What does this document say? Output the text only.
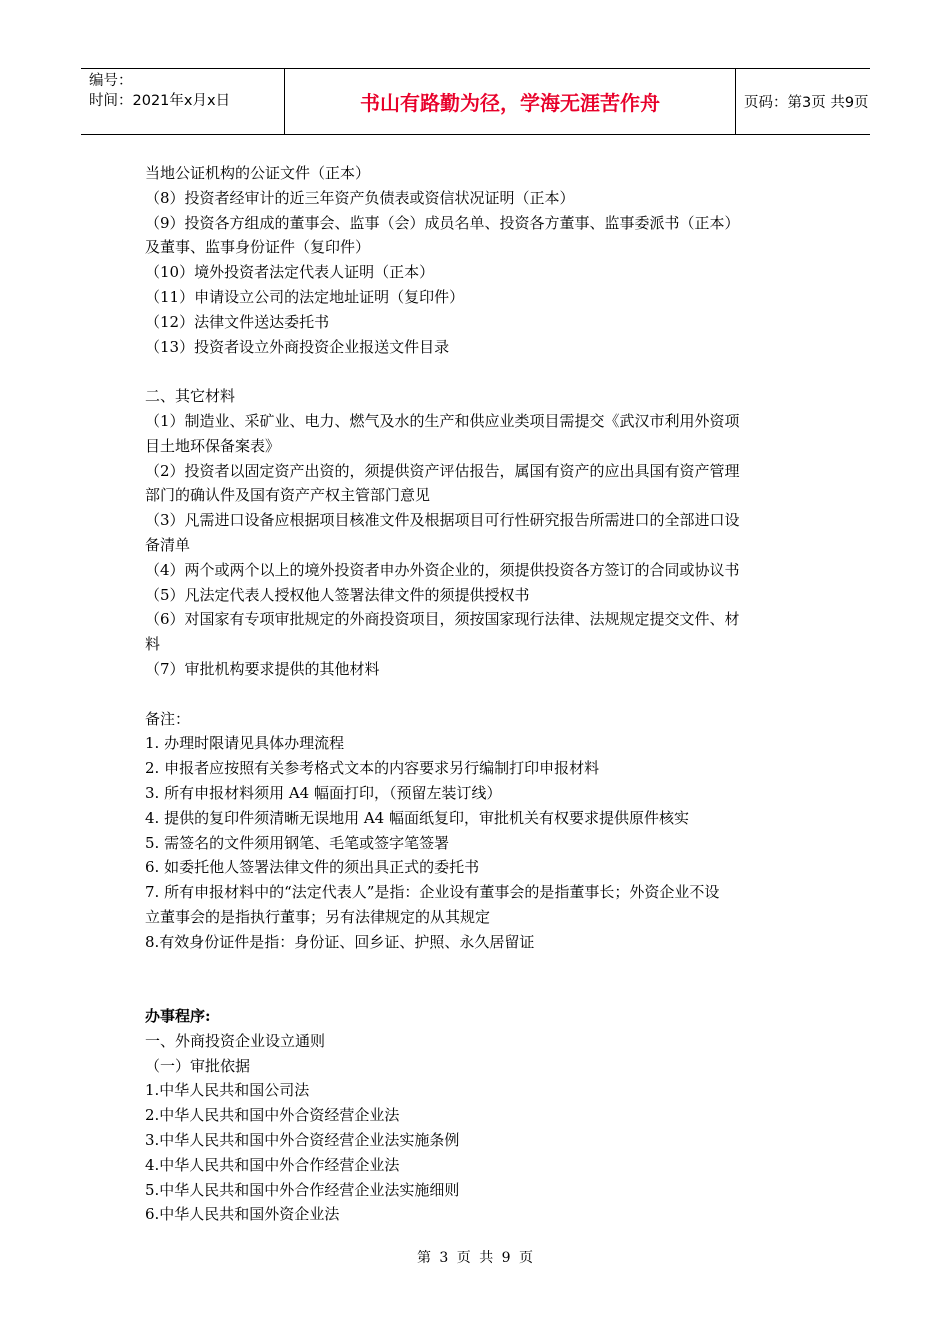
编号：
时间：2021年x月x日	书山有路勤为径，学海无涯苦作舟	页码：第3页 共9页
当地公证机构的公证文件（正本）
（8）投资者经审计的近三年资产负债表或资信状况证明（正本）
（9）投资各方组成的董事会、监事（会）成员名单、投资各方董事、监事委派书（正本）
及董事、监事身份证件（复印件）
（10）境外投资者法定代表人证明（正本）
（11）申请设立公司的法定地址证明（复印件）
（12）法律文件送达委托书
（13）投资者设立外商投资企业报送文件目录
二、其它材料
（1）制造业、采矿业、电力、燃气及水的生产和供应业类项目需提交《武汉市利用外资项
目土地环保备案表》
（2）投资者以固定资产出资的，须提供资产评估报告，属国有资产的应出具国有资产管理
部门的确认件及国有资产产权主管部门意见
（3）凡需进口设备应根据项目核准文件及根据项目可行性研究报告所需进口的全部进口设
备清单
（4）两个或两个以上的境外投资者申办外资企业的，须提供投资各方签订的合同或协议书
（5）凡法定代表人授权他人签署法律文件的须提供授权书
（6）对国家有专项审批规定的外商投资项目，须按国家现行法律、法规规定提交文件、材
料
（7）审批机构要求提供的其他材料
备注：
1. 办理时限请见具体办理流程
2. 申报者应按照有关参考格式文本的内容要求另行编制打印申报材料
3. 所有申报材料须用 A4 幅面打印，（预留左装订线）
4. 提供的复印件须清晰无误地用 A4 幅面纸复印，审批机关有权要求提供原件核实
5. 需签名的文件须用钢笔、毛笔或签字笔签署
6. 如委托他人签署法律文件的须出具正式的委托书
7. 所有申报材料中的“法定代表人”是指：企业设有董事会的是指董事长；外资企业不设
立董事会的是指执行董事；另有法律规定的从其规定
8.有效身份证件是指：身份证、回乡证、护照、永久居留证
办事程序:
一、外商投资企业设立通则
（一）审批依据
1.中华人民共和国公司法
2.中华人民共和国中外合资经营企业法
3.中华人民共和国中外合资经营企业法实施条例
4.中华人民共和国中外合作经营企业法
5.中华人民共和国中外合作经营企业法实施细则
6.中华人民共和国外资企业法
第 3 页 共 9 页
